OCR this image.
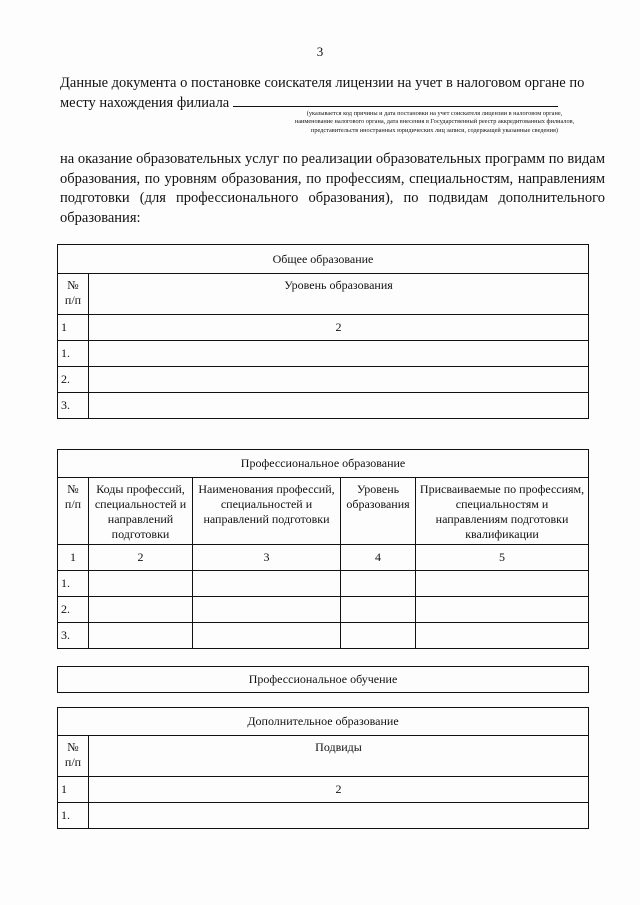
3
Данные документа о постановке соискателя лицензии на учет в налоговом органе по месту нахождения филиала
(указывается код причины и дата постановки на учет соискателя лицензии в налоговом органе,
наименование налогового органа, дата внесения в Государственный реестр аккредитованных филиалов,
представительств иностранных юридических лиц записи, содержащей указанные сведения)
на оказание образовательных услуг по реализации образовательных программ по видам образования, по уровням образования, по профессиям, специальностям, направлениям подготовки (для профессионального образования), по подвидам дополнительного образования:
Общее образование	
№ п/п	Уровень образования
1	2
1.	
2.	
3.	
Профессиональное образование				
№ п/п	Коды профессий, специальностей и направлений подготовки	Наименования профессий, специальностей и направлений подготовки	Уровень образования	Присваиваемые по профессиям, специальностям и направлениям подготовки квалификации
1	2	3	4	5
1.				
2.				
3.				
Профессиональное обучение
Дополнительное образование	
№ п/п	Подвиды
1	2
1.	
